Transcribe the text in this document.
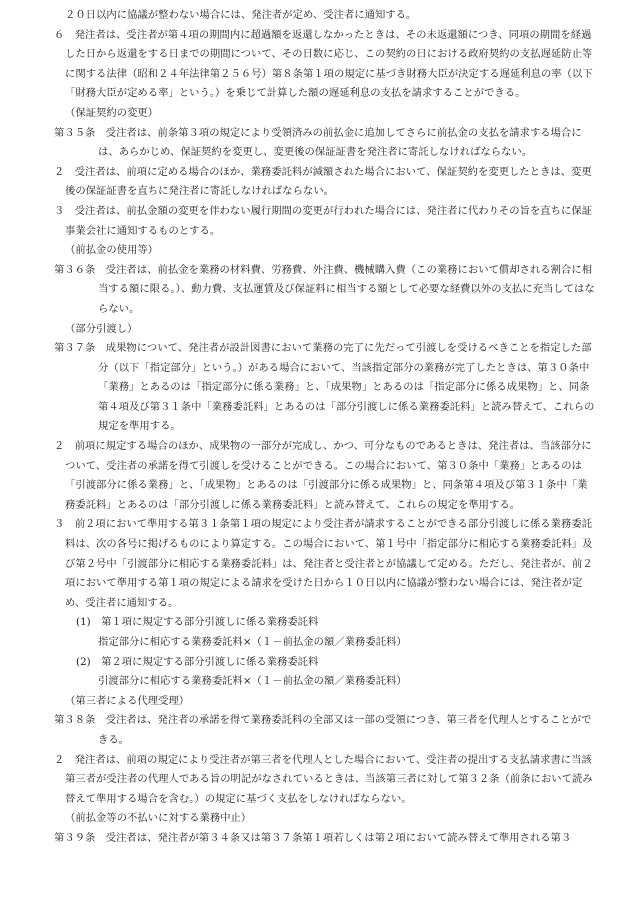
２０日以内に協議が整わない場合には、発注者が定め、受注者に通知する。

６　発注者は、受注者が第４項の期間内に超過額を返還しなかったときは、その未返還額につき、同項の期間を経過した日から返還をする日までの期間について、その日数に応じ、この契約の日における政府契約の支払遅延防止等に関する法律（昭和２４年法律第２５６号）第８条第１項の規定に基づき財務大臣が決定する遅延利息の率（以下「財務大臣が定める率」という。）を乗じて計算した額の遅延利息の支払を請求することができる。

（保証契約の変更）

第３５条　受注者は、前条第３項の規定により受領済みの前払金に追加してさらに前払金の支払を請求する場合には、あらかじめ、保証契約を変更し、変更後の保証証書を発注者に寄託しなければならない。

２　受注者は、前項に定める場合のほか、業務委託料が減額された場合において、保証契約を変更したときは、変更後の保証証書を直ちに発注者に寄託しなければならない。

３　受注者は、前払金額の変更を伴わない履行期間の変更が行われた場合には、発注者に代わりその旨を直ちに保証事業会社に通知するものとする。

（前払金の使用等）

第３６条　受注者は、前払金を業務の材料費、労務費、外注費、機械購入費（この業務において償却される割合に相当する額に限る。）、動力費、支払運賃及び保証料に相当する額として必要な経費以外の支払に充当してはならない。

（部分引渡し）

第３７条　成果物について、発注者が設計図書において業務の完了に先だって引渡しを受けるべきことを指定した部分（以下「指定部分」という。）がある場合において、当該指定部分の業務が完了したときは、第３０条中「業務」とあるのは「指定部分に係る業務」と、「成果物」とあるのは「指定部分に係る成果物」と、同条第４項及び第３１条中「業務委託料」とあるのは「部分引渡しに係る業務委託料」と読み替えて、これらの規定を準用する。

２　前項に規定する場合のほか、成果物の一部分が完成し、かつ、可分なものであるときは、発注者は、当該部分について、受注者の承諾を得て引渡しを受けることができる。この場合において、第３０条中「業務」とあるのは「引渡部分に係る業務」と、「成果物」とあるのは「引渡部分に係る成果物」と、同条第４項及び第３１条中「業務委託料」とあるのは「部分引渡しに係る業務委託料」と読み替えて、これらの規定を準用する。

３　前２項において準用する第３１条第１項の規定により受注者が請求することができる部分引渡しに係る業務委託料は、次の各号に掲げるものにより算定する。この場合において、第１号中「指定部分に相応する業務委託料」及び第２号中「引渡部分に相応する業務委託料」は、発注者と受注者とが協議して定める。ただし、発注者が、前２項において準用する第１項の規定による請求を受けた日から１０日以内に協議が整わない場合には、発注者が定め、受注者に通知する。

(1)　第１項に規定する部分引渡しに係る業務委託料

指定部分に相応する業務委託料×（１－前払金の額／業務委託料）

(2)　第２項に規定する部分引渡しに係る業務委託料

引渡部分に相応する業務委託料×（１－前払金の額／業務委託料）

（第三者による代理受理）

第３８条　受注者は、発注者の承諾を得て業務委託料の全部又は一部の受領につき、第三者を代理人とすることができる。

２　発注者は、前項の規定により受注者が第三者を代理人とした場合において、受注者の提出する支払請求書に当該第三者が受注者の代理人である旨の明記がなされているときは、当該第三者に対して第３２条（前条において読み替えて準用する場合を含む。）の規定に基づく支払をしなければならない。

（前払金等の不払いに対する業務中止）

第３９条　受注者は、発注者が第３４条又は第３７条第１項若しくは第２項において読み替えて準用される第３
